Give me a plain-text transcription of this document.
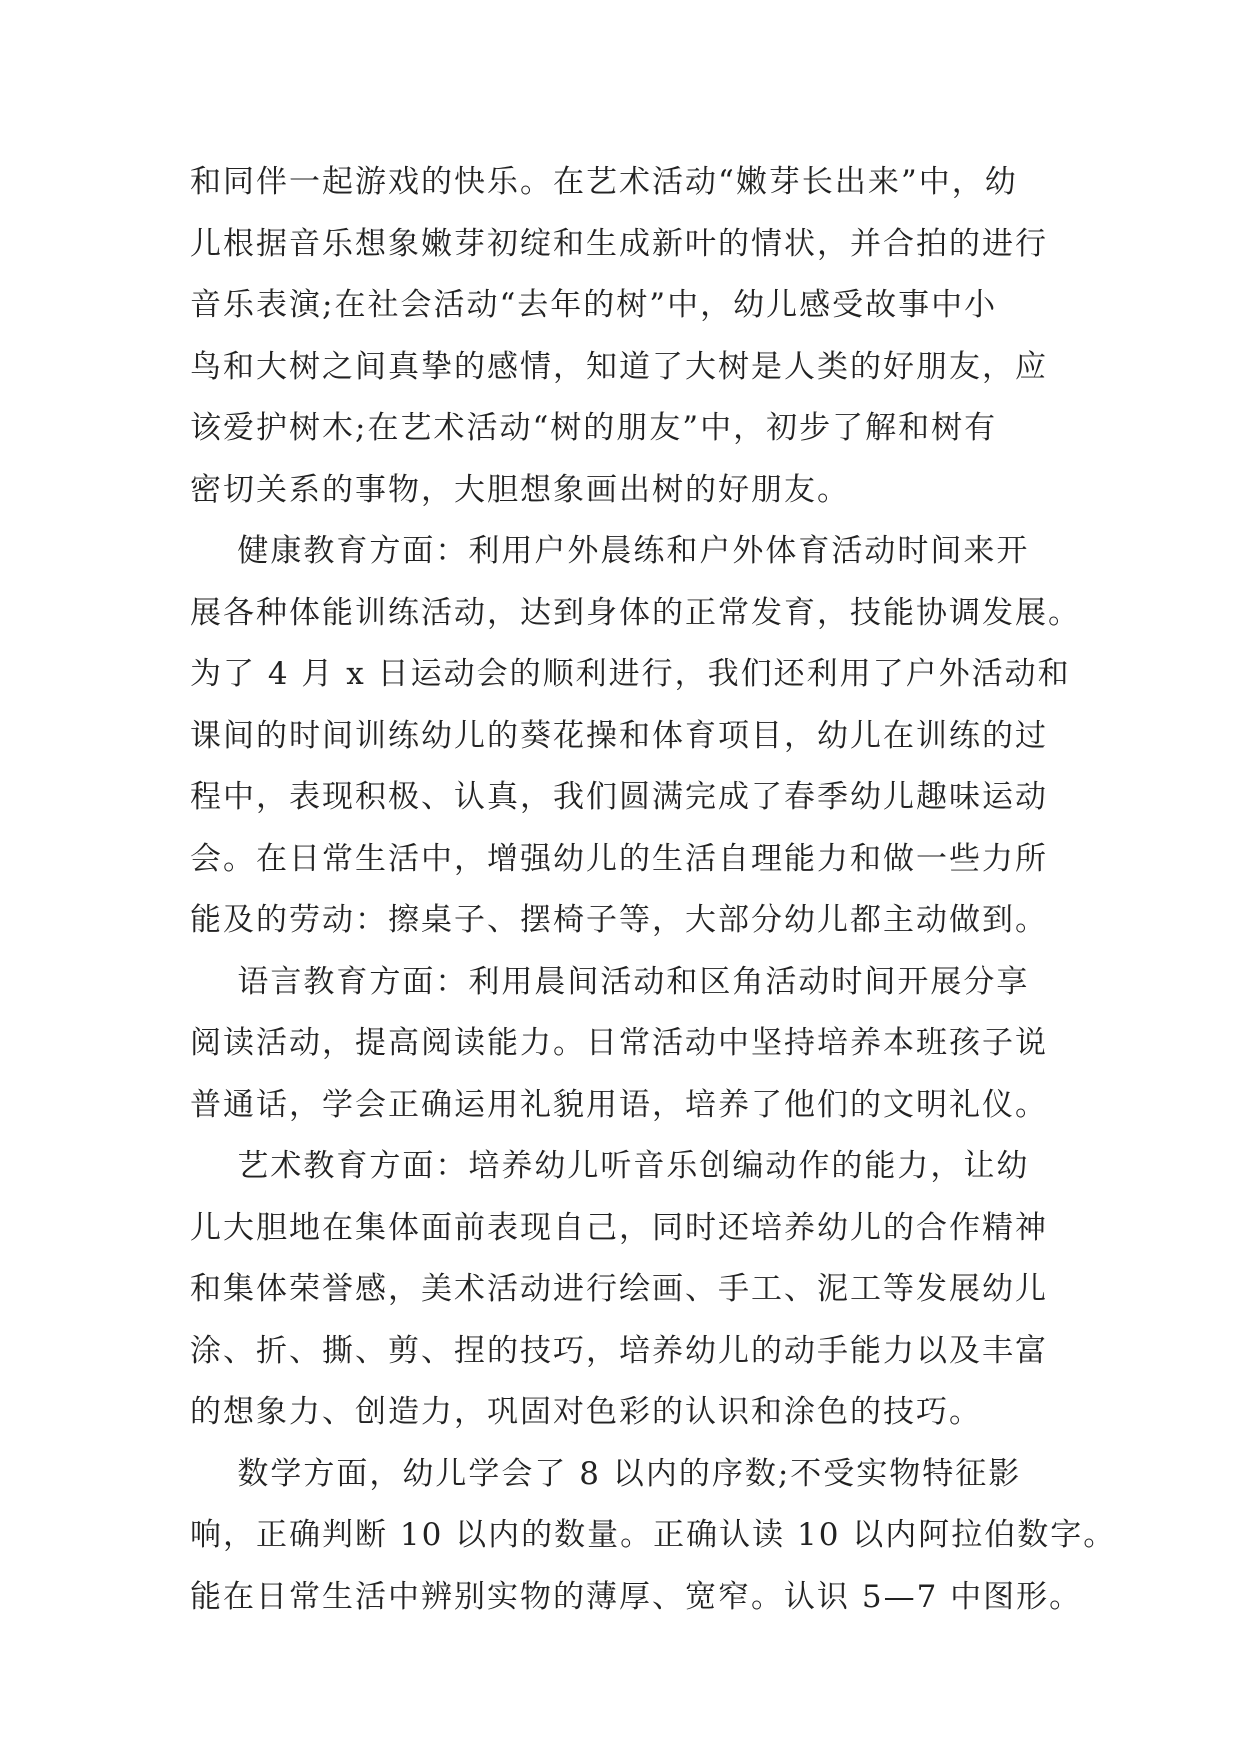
和同伴一起游戏的快乐。在艺术活动“嫩芽长出来”中，幼
儿根据音乐想象嫩芽初绽和生成新叶的情状，并合拍的进行
音乐表演;在社会活动“去年的树”中，幼儿感受故事中小
鸟和大树之间真挚的感情，知道了大树是人类的好朋友，应
该爱护树木;在艺术活动“树的朋友”中，初步了解和树有
密切关系的事物，大胆想象画出树的好朋友。
健康教育方面：利用户外晨练和户外体育活动时间来开
展各种体能训练活动，达到身体的正常发育，技能协调发展。
为了 4 月 x 日运动会的顺利进行，我们还利用了户外活动和
课间的时间训练幼儿的葵花操和体育项目，幼儿在训练的过
程中，表现积极、认真，我们圆满完成了春季幼儿趣味运动
会。在日常生活中，增强幼儿的生活自理能力和做一些力所
能及的劳动：擦桌子、摆椅子等，大部分幼儿都主动做到。
语言教育方面：利用晨间活动和区角活动时间开展分享
阅读活动，提高阅读能力。日常活动中坚持培养本班孩子说
普通话，学会正确运用礼貌用语，培养了他们的文明礼仪。
艺术教育方面：培养幼儿听音乐创编动作的能力，让幼
儿大胆地在集体面前表现自己，同时还培养幼儿的合作精神
和集体荣誉感，美术活动进行绘画、手工、泥工等发展幼儿
涂、折、撕、剪、捏的技巧，培养幼儿的动手能力以及丰富
的想象力、创造力，巩固对色彩的认识和涂色的技巧。
数学方面，幼儿学会了 8 以内的序数;不受实物特征影
响，正确判断 10 以内的数量。正确认读 10 以内阿拉伯数字。
能在日常生活中辨别实物的薄厚、宽窄。认识 5—7 中图形。
